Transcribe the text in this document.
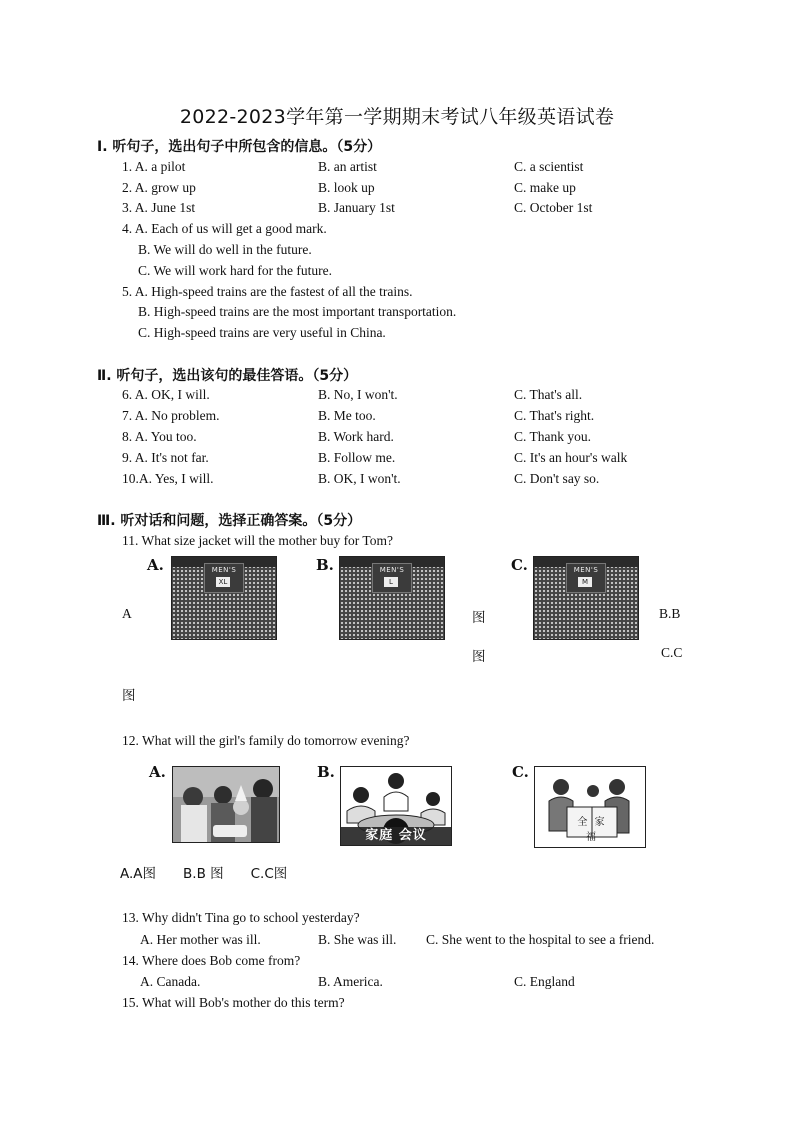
2022-2023学年第一学期期末考试八年级英语试卷
Ⅰ. 听句子，选出句子中所包含的信息。（5分）
1. A. a pilot	B. an artist	C. a scientist
2. A. grow up	B. look up	C. make up
3. A. June 1st	B. January 1st	C. October 1st
4. A. Each of us will get a good mark.
B. We will do well in the future.
C. We will work hard for the future.
5. A. High-speed trains are the fastest of all the trains.
B. High-speed trains are the most important transportation.
C. High-speed trains are very useful in China.
Ⅱ. 听句子，选出该句的最佳答语。（5分）
6. A. OK, I will.	B. No, I won't.	C. That's all.
7. A. No problem.	B. Me too.	C. That's right.
8. A. You too.	B. Work hard.	C. Thank you.
9. A. It's not far.	B. Follow me.	C. It's an hour's walk
10.A. Yes, I will.	B. OK, I won't.	C. Don't say so.
Ⅲ. 听对话和问题，选择正确答案。（5分）
11. What size jacket will the mother buy for Tom?
A.	B.	C.
MEN'S
XL
MEN'S
L
MEN'S
M
A	图	B.B
图	C.C
图
12. What will the girl's family do tomorrow evening?
A.	B.	C.
家庭 会议
全 家 福
A.A图　　B.B 图　　C.C图
13. Why didn't Tina go to school yesterday?
A. Her mother was ill.	B. She was ill. C. She went to the hospital to see a friend.
14. Where does Bob come from?
A. Canada.	B. America.	C. England
15. What will Bob's mother do this term?
